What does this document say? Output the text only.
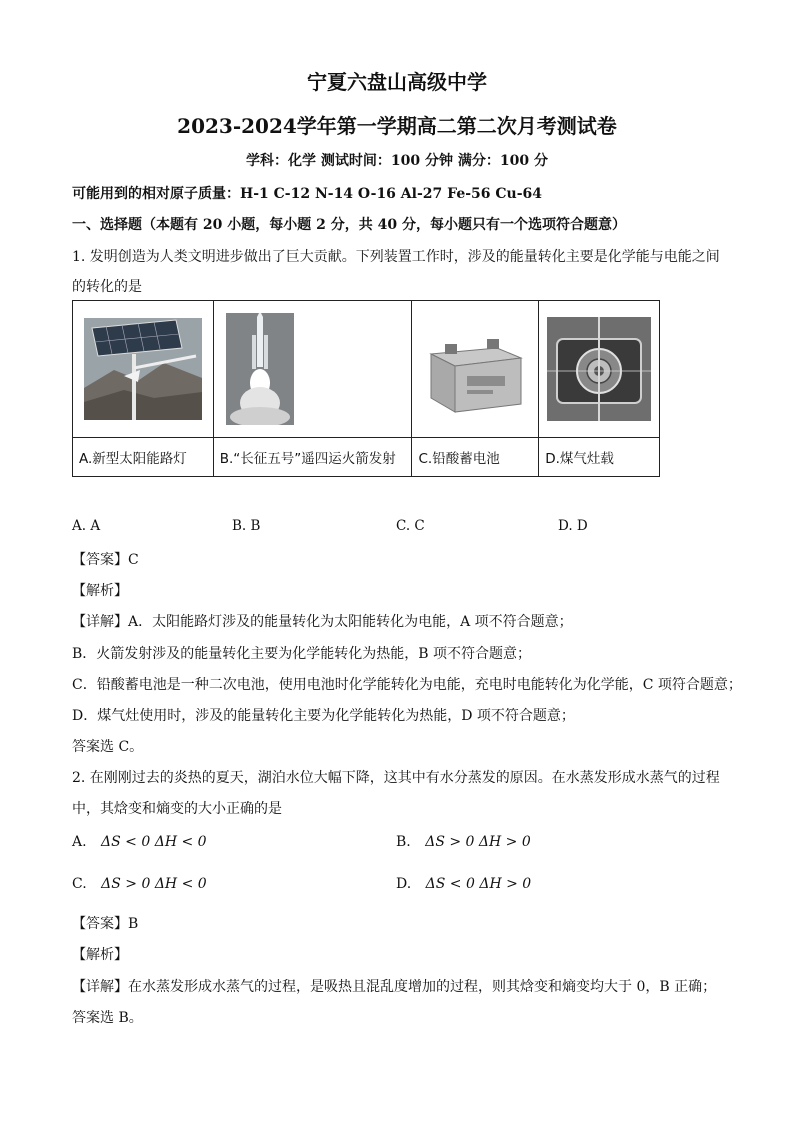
宁夏六盘山高级中学
2023-2024学年第一学期高二第二次月考测试卷
学科：化学 测试时间：100 分钟 满分：100 分
可能用到的相对原子质量：H-1 C-12 N-14 O-16 Al-27 Fe-56 Cu-64
一、选择题（本题有 20 小题，每小题 2 分，共 40 分，每小题只有一个选项符合题意）
1. 发明创造为人类文明进步做出了巨大贡献。下列装置工作时，涉及的能量转化主要是化学能与电能之间
的转化的是

A.新型太阳能路灯	B.“长征五号”遥四运火箭发射	C.铅酸蓄电池	D.煤气灶载
A. A	B. B	C. C	D. D
【答案】C
【解析】
【详解】A．太阳能路灯涉及的能量转化为太阳能转化为电能，A 项不符合题意；
B．火箭发射涉及的能量转化主要为化学能转化为热能，B 项不符合题意；
C．铅酸蓄电池是一种二次电池，使用电池时化学能转化为电能，充电时电能转化为化学能，C 项符合题意；
D．煤气灶使用时，涉及的能量转化主要为化学能转化为热能，D 项不符合题意；
答案选 C。
2. 在刚刚过去的炎热的夏天，湖泊水位大幅下降，这其中有水分蒸发的原因。在水蒸发形成水蒸气的过程
中，其焓变和熵变的大小正确的是
A. ΔS < 0 ΔH < 0	B. ΔS > 0 ΔH > 0
C. ΔS > 0 ΔH < 0	D. ΔS < 0 ΔH > 0
【答案】B
【解析】
【详解】在水蒸发形成水蒸气的过程，是吸热且混乱度增加的过程，则其焓变和熵变均大于 0，B 正确；
答案选 B。
